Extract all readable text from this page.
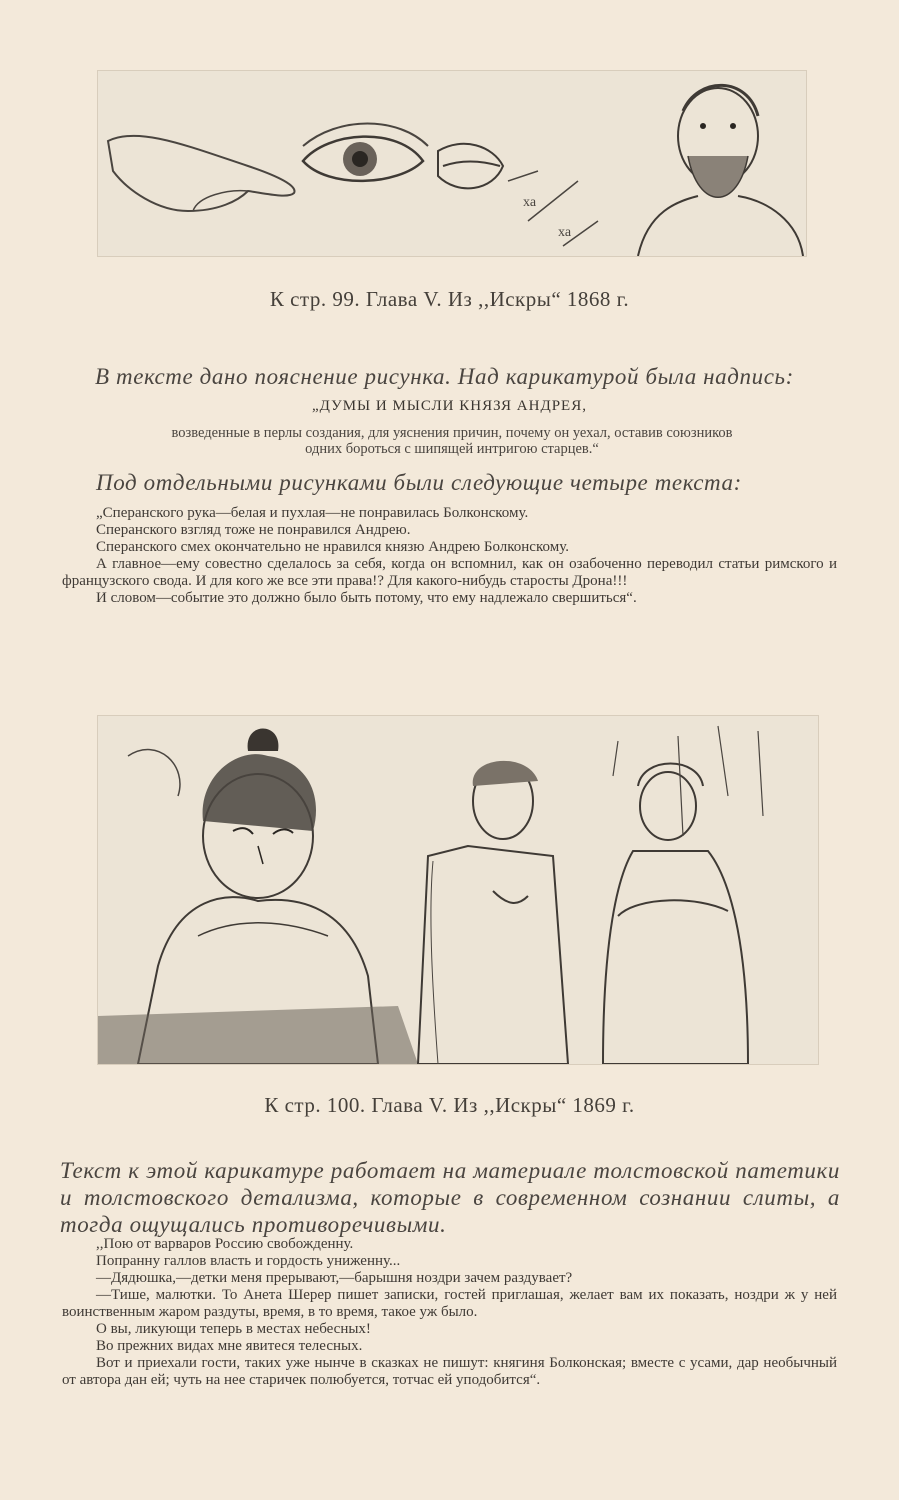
ха
ха
К стр. 99. Глава V. Из ,,Искры“ 1868 г.
В тексте дано пояснение рисунка. Над карикатурой была надпись:
„ДУМЫ И МЫСЛИ КНЯЗЯ АНДРЕЯ,
возведенные в перлы создания, для уяснения причин, почему он уехал, оставив союзников
одних бороться с шипящей интригою старцев.“
Под отдельными рисунками были следующие четыре текста:

„Сперанского рука—белая и пухлая—не понравилась Болконскому.

Сперанского взгляд тоже не понравился Андрею.

Сперанского смех окончательно не нравился князю Андрею Болконскому.

А главное—ему совестно сделалось за себя, когда он вспомнил, как он озабоченно переводил статьи римского и французского свода. И для кого же все эти права!? Для какого-нибудь старосты Дрона!!!

И словом—событие это должно было быть потому, что ему надлежало свершиться“.

К стр. 100. Глава V. Из ,,Искры“ 1869 г.
Текст к этой карикатуре работает на материале толстовской патетики и толстовского детализма, которые в современном сознании слиты, а тогда ощущались противоречивыми.

,,Пою от варваров Россию свобожденну.

Попранну галлов власть и гордость униженну...

—Дядюшка,—детки меня прерывают,—барышня ноздри зачем раздувает?

—Тише, малютки. То Анета Шерер пишет записки, гостей приглашая, желает вам их показать, ноздри ж у ней воинственным жаром раздуты, время, в то время, такое уж было.

О вы, ликующи теперь в местах небесных!

Во прежних видах мне явитеся телесных.

Вот и приехали гости, таких уже нынче в сказках не пишут: княгиня Болконская; вместе с усами, дар необычный от автора дан ей; чуть на нее старичек полюбуется, тотчас ей уподобится“.
